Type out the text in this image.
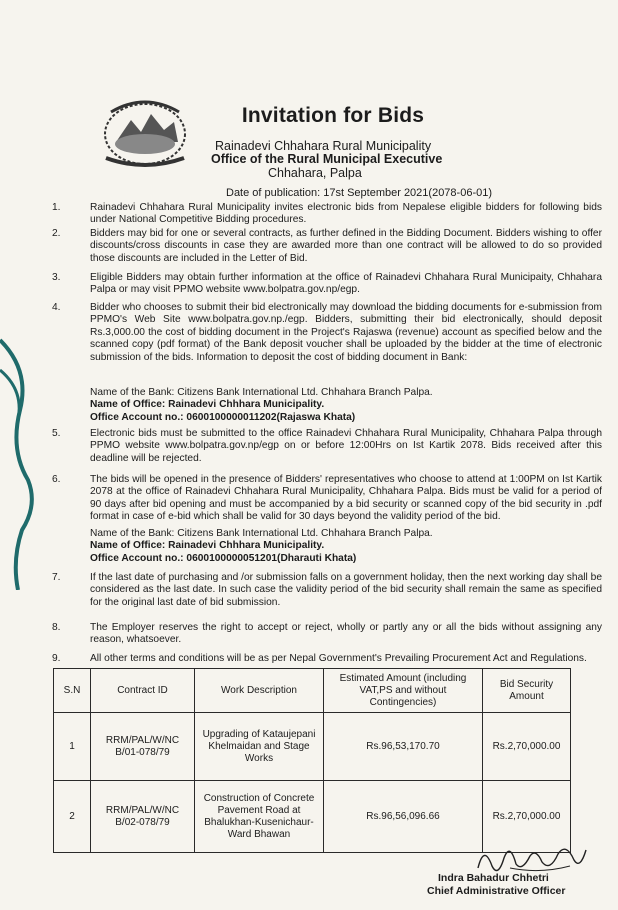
Invitation for Bids
Rainadevi Chhahara Rural Municipality
Office of the Rural Municipal Executive
Chhahara, Palpa
Date of publication: 17st September 2021(2078-06-01)
1.	Rainadevi Chhahara Rural Municipality invites electronic bids from Nepalese eligible bidders for following bids under National Competitive Bidding procedures.
2.	Bidders may bid for one or several contracts, as further defined in the Bidding Document. Bidders wishing to offer discounts/cross discounts in case they are awarded more than one contract will be allowed to do so provided those discounts are included in the Letter of Bid.
3.	Eligible Bidders may obtain further information at the office of Rainadevi Chhahara Rural Municipaity, Chhahara Palpa or may visit PPMO website www.bolpatra.gov.np/egp.
4.	Bidder who chooses to submit their bid electronically may download the bidding documents for e-submission from PPMO's Web Site www.bolpatra.gov.np./egp. Bidders, submitting their bid electronically, should deposit Rs.3,000.00 the cost of bidding document in the Project's Rajaswa (revenue) account as specified below and the scanned copy (pdf format) of the Bank deposit voucher shall be uploaded by the bidder at the time of electronic submission of the bids. Information to deposit the cost of bidding document in Bank:
Name of the Bank: Citizens Bank International Ltd. Chhahara Branch Palpa.
Name of Office: Rainadevi Chhhara Municipality.
Office Account no.: 0600100000011202(Rajaswa Khata)
5.	Electronic bids must be submitted to the office Rainadevi Chhahara Rural Municipality, Chhahara Palpa through PPMO website www.bolpatra.gov.np/egp on or before 12:00Hrs on Ist Kartik 2078. Bids received after this deadline will be rejected.
6.	The bids will be opened in the presence of Bidders' representatives who choose to attend at 1:00PM on Ist Kartik 2078 at the office of Rainadevi Chhahara Rural Municipality, Chhahara Palpa. Bids must be valid for a period of 90 days after bid opening and must be accompanied by a bid security or scanned copy of the bid security in .pdf format in case of e-bid which shall be valid for 30 days beyond the validity period of the bid.
Name of the Bank: Citizens Bank International Ltd. Chhahara Branch Palpa.
Name of Office: Rainadevi Chhhara Municipality.
Office Account no.: 0600100000051201(Dharauti Khata)
7.	If the last date of purchasing and /or submission falls on a government holiday, then the next working day shall be considered as the last date. In such case the validity period of the bid security shall remain the same as specified for the original last date of bid submission.
8.	The Employer reserves the right to accept or reject, wholly or partly any or all the bids without assigning any reason, whatsoever.
9.	All other terms and conditions will be as per Nepal Government's Prevailing Procurement Act and Regulations.
S.N	Contract ID	Work Description	Estimated Amount (including VAT,PS and without Contingencies)	Bid Security Amount
1	RRM/PAL/W/NC B/01-078/79	Upgrading of Kataujepani Khelmaidan and Stage Works	Rs.96,53,170.70	Rs.2,70,000.00
2	RRM/PAL/W/NC B/02-078/79	Construction of Concrete Pavement Road at Bhalukhan-Kusenichaur-Ward Bhawan	Rs.96,56,096.66	Rs.2,70,000.00
Indra Bahadur Chhetri
Chief Administrative Officer
